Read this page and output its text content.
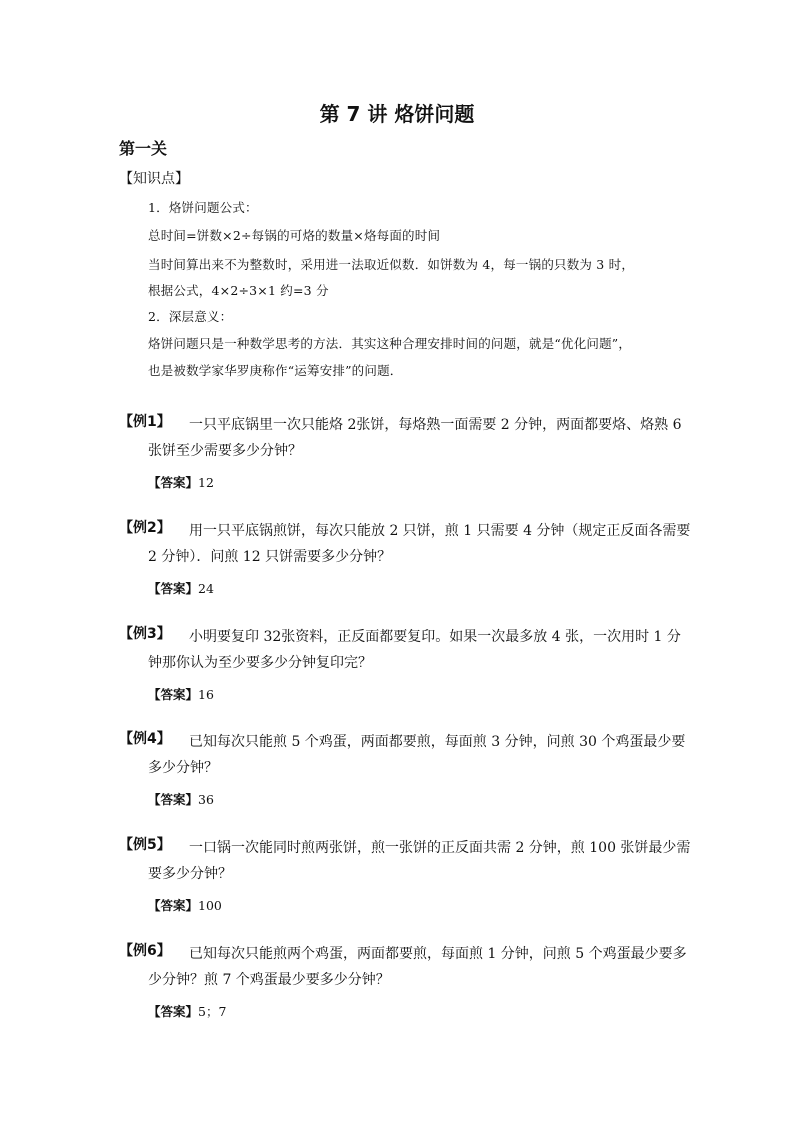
第 7 讲 烙饼问题
第一关
【知识点】
1．烙饼问题公式：
总时间=饼数×2÷每锅的可烙的数量×烙每面的时间
当时间算出来不为整数时，采用进一法取近似数．如饼数为 4，每一锅的只数为 3 时，
根据公式，4×2÷3×1 约=3 分
2．深层意义：
烙饼问题只是一种数学思考的方法．其实这种合理安排时间的问题，就是“优化问题”，
也是被数学家华罗庚称作“运筹安排”的问题．
【例1】 一只平底锅里一次只能烙 2张饼，每烙熟一面需要 2 分钟，两面都要烙、烙熟 6
张饼至少需要多少分钟？
【答案】12
【例2】 用一只平底锅煎饼，每次只能放 2 只饼，煎 1 只需要 4 分钟（规定正反面各需要
2 分钟）．问煎 12 只饼需要多少分钟？
【答案】24
【例3】 小明要复印 32张资料，正反面都要复印。如果一次最多放 4 张，一次用时 1 分
钟那你认为至少要多少分钟复印完？
【答案】16
【例4】 已知每次只能煎 5 个鸡蛋，两面都要煎，每面煎 3 分钟，问煎 30 个鸡蛋最少要
多少分钟？
【答案】36
【例5】 一口锅一次能同时煎两张饼，煎一张饼的正反面共需 2 分钟，煎 100 张饼最少需
要多少分钟？
【答案】100
【例6】 已知每次只能煎两个鸡蛋，两面都要煎，每面煎 1 分钟，问煎 5 个鸡蛋最少要多
少分钟？煎 7 个鸡蛋最少要多少分钟？
【答案】5；7
